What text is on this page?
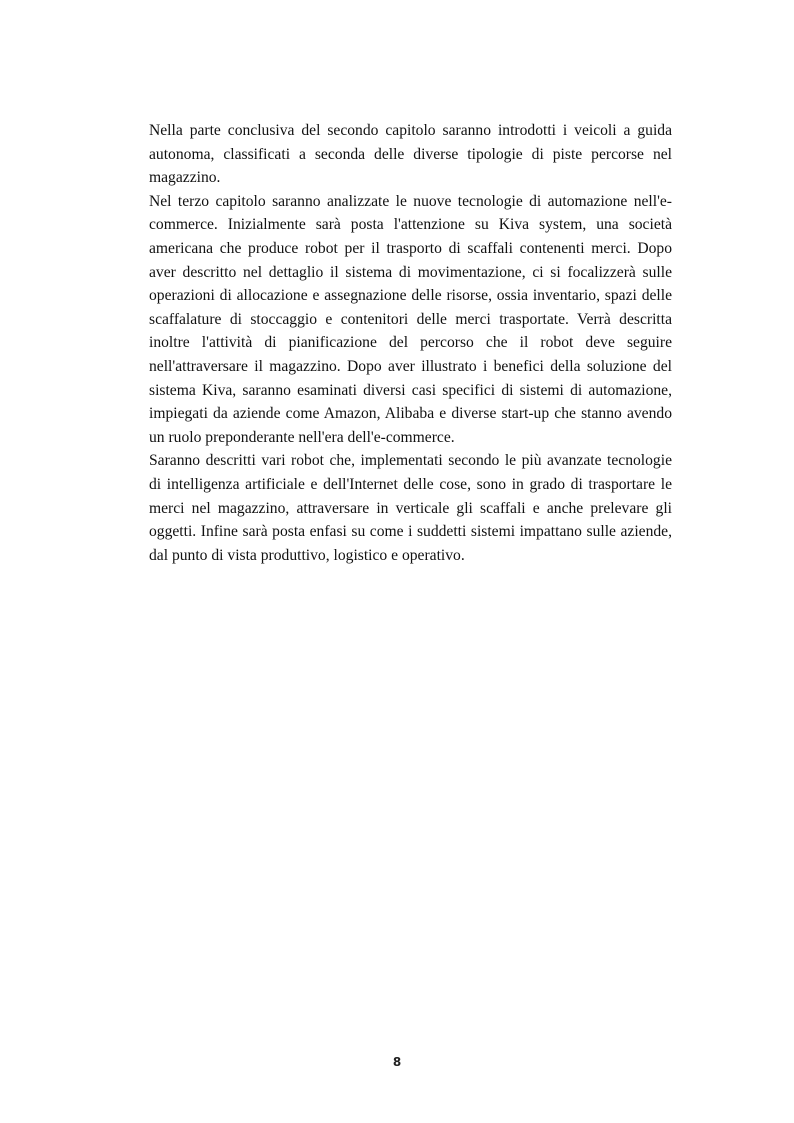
Nella parte conclusiva del secondo capitolo saranno introdotti i veicoli a guida autonoma, classificati a seconda delle diverse tipologie di piste percorse nel magazzino.

Nel terzo capitolo saranno analizzate le nuove tecnologie di automazione nell'e-commerce. Inizialmente sarà posta l'attenzione su Kiva system, una società americana che produce robot per il trasporto di scaffali contenenti merci. Dopo aver descritto nel dettaglio il sistema di movimentazione, ci si focalizzerà sulle operazioni di allocazione e assegnazione delle risorse, ossia inventario, spazi delle scaffalature di stoccaggio e contenitori delle merci trasportate. Verrà descritta inoltre l'attività di pianificazione del percorso che il robot deve seguire nell'attraversare il magazzino. Dopo aver illustrato i benefici della soluzione del sistema Kiva, saranno esaminati diversi casi specifici di sistemi di automazione, impiegati da aziende come Amazon, Alibaba e diverse start-up che stanno avendo un ruolo preponderante nell'era dell'e-commerce.

Saranno descritti vari robot che, implementati secondo le più avanzate tecnologie di intelligenza artificiale e dell'Internet delle cose, sono in grado di trasportare le merci nel magazzino, attraversare in verticale gli scaffali e anche prelevare gli oggetti. Infine sarà posta enfasi su come i suddetti sistemi impattano sulle aziende, dal punto di vista produttivo, logistico e operativo.

8
